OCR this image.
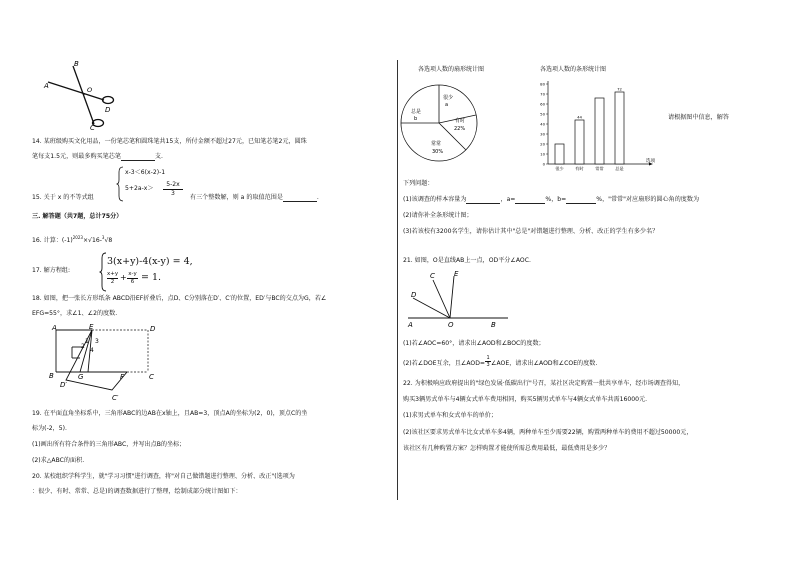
B
A	O
C
D
14. 某班级购买文化用品，一份笔芯笔和圆珠笔共15支，所付金额不超过27元，已知笔芯笔2元，圆珠
笔每支1.5元，则最多购买笔芯笔	支.
15. 关于 x 的不等式组
x-3＜6(x-2)-1
5+2a-x＞
5-2x
3
有三个整数解，则 a 的取值范围是	.
三. 解答题（共7题，总计75分）
16. 计算：$(-1)^{2023}\times√16-^3√8$
17. 解方程组:
3(x+y)-4(x-y) = 4,
x+y
2 + x-y
6 = 1.
18. 如图，把一张长方形纸条 ABCD沿EF折叠后，点D、C分别落在D′、C′的位置，ED′与BC的交点为G，若∠
EFG=55°，求∠1、∠2的度数.
A	E	D
B	G	F	C
D′
C′
1
2
3
4
19. 在平面直角坐标系中，三角形ABC的边AB在x轴上，且AB=3，顶点A的坐标为(2，0)，顶点C的坐
标为(-2，5).
(1)画出所有符合条件的三角形ABC，并写出点B的坐标；
(2)求△ABC的面积.
20. 某校组织学科学生，就"学习习惯"进行调查，将"对自己做错题进行整理、分析、改正"(选项为
：很少、有时、常常、总是)的调查数据进行了整理，绘制成部分统计图如下：
各选项人数的扇形统计图
很少
a
有时
22%
常常
30%
总是
b
各选项人数的条形统计图
选项
0
10
20
30
40
50
60
70
80
很少	有时
44
常常	总是
72
请根据图中信息，解答
下列问题：
(1)该调查的样本容量为	，a=	%，b=	%，"常常"对应扇形的圆心角的度数为
(2)请你补全条形统计图；
(3)若该校有3200名学生，请你估计其中"总是"对错题进行整理、分析、改正的学生有多少名？
21. 如图，O是直线AB上一点，OD平分∠AOC.
C	E
D
A	O	B
(1)若∠AOC=60°，请求出∠AOD和∠BOC的度数；
(2)若∠DOE互余，且∠AOD= $\frac{1}{3}$ ∠AOE，请求出∠AOD和∠COE的度数.
22. 为积极响应政府提出的"绿色发展·低碳出行"号召，某社区决定购置一批共享单车，经市场调查得知，
购买3辆男式单车与4辆女式单车费用相同，购买5辆男式单车与4辆女式单车共需16000元.
(1)求男式单车和女式单车的单价；
(2)该社区要求男式单车比女式单车多4辆，两种单车至少需要22辆，购置两种单车的费用不超过50000元，
该社区有几种购置方案？怎样购置才能使所需总费用最低，最低费用是多少？
